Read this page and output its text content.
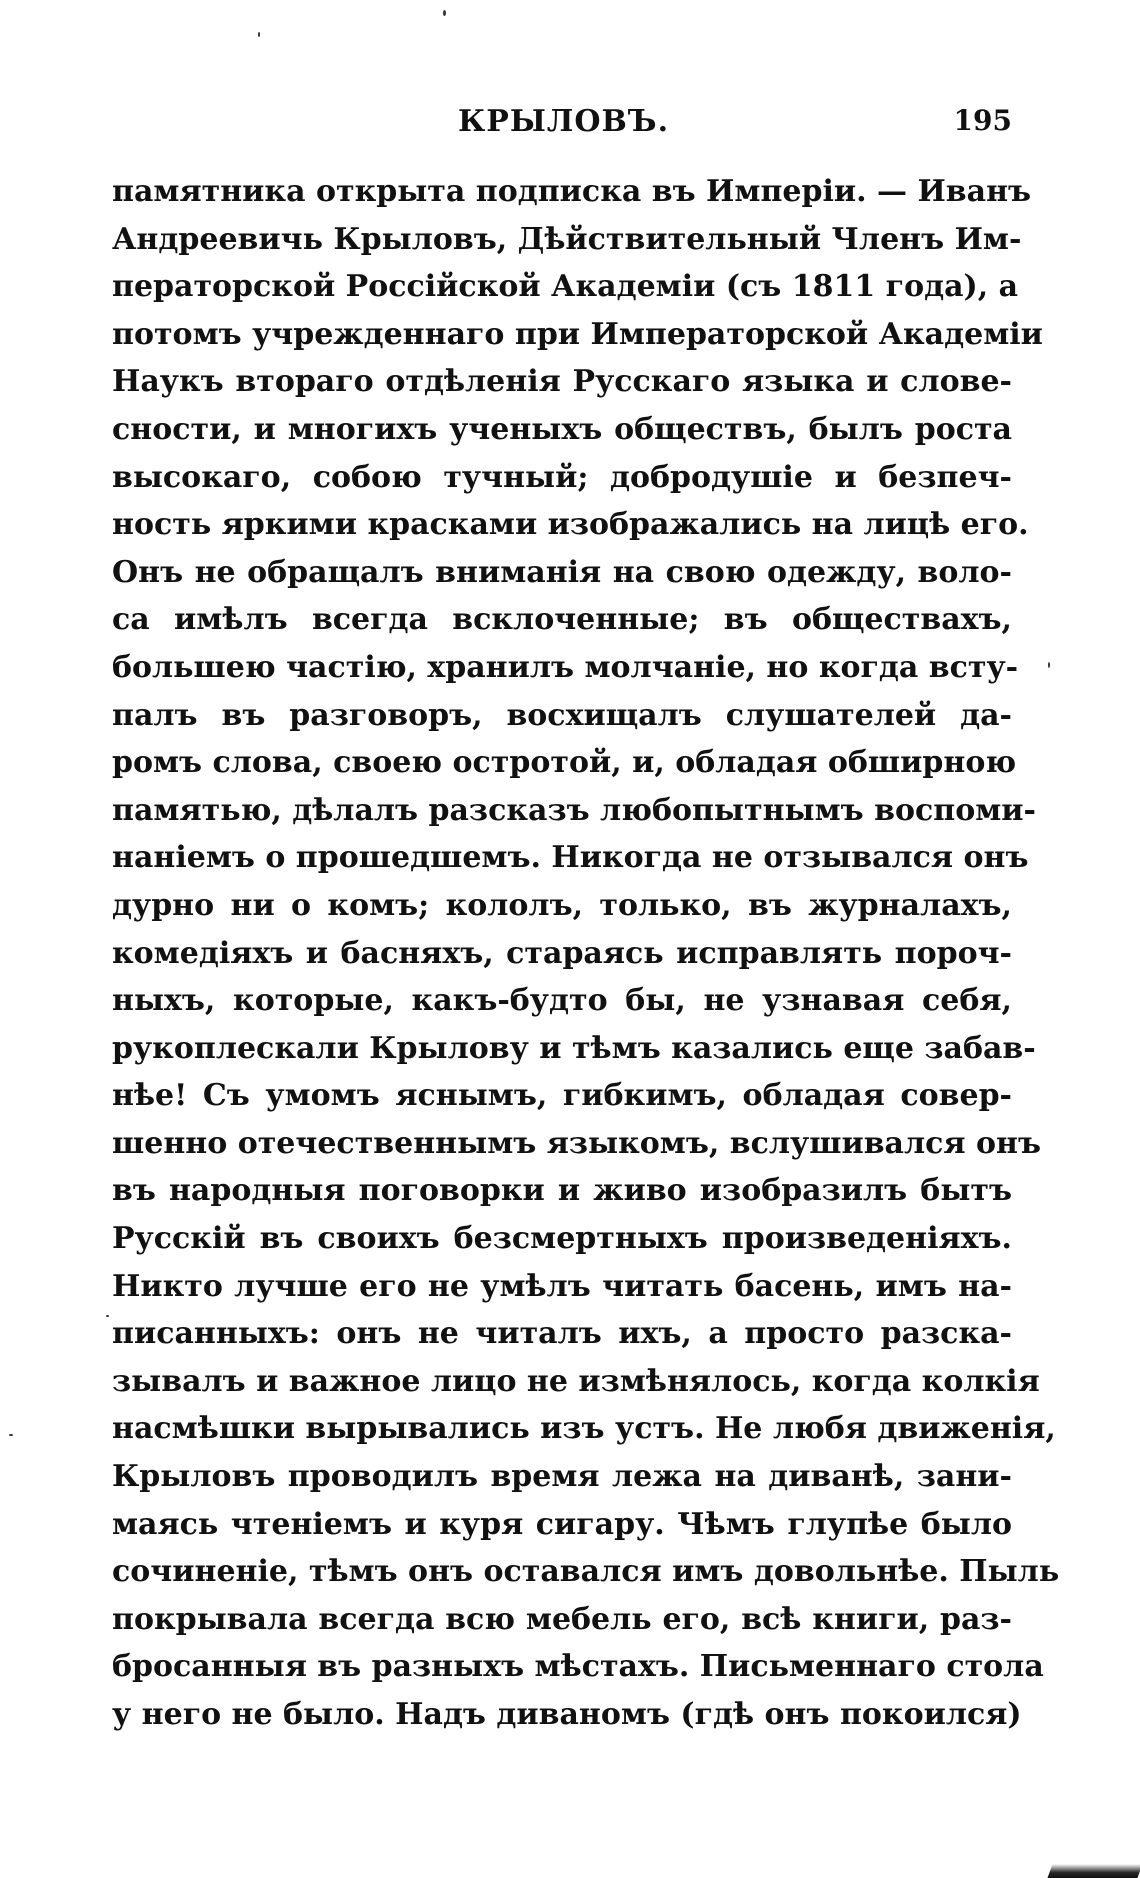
КРЫЛОВЪ.	195
памятника открыта подписка въ Имперіи. — Иванъ
Андреевичь Крыловъ, Дѣйствительный Членъ Им-
ператорской Россійской Академіи (съ 1811 года), а
потомъ учрежденнаго при Императорской Академіи
Наукъ втораго отдѣленія Русскаго языка и слове-
сности, и многихъ ученыхъ обществъ, былъ роста
высокаго, собою тучный; добродушіе и безпеч-
ность яркими красками изображались на лицѣ его.
Онъ не обращалъ вниманія на свою одежду, воло-
са имѣлъ всегда всклоченные; въ обществахъ,
большею частію, хранилъ молчаніе, но когда всту-
палъ въ разговоръ, восхищалъ слушателей да-
ромъ слова, своею остротой, и, обладая обширною
памятью, дѣлалъ разсказъ любопытнымъ воспоми-
наніемъ о прошедшемъ. Никогда не отзывался онъ
дурно ни о комъ; кололъ, только, въ журналахъ,
комедіяхъ и басняхъ, стараясь исправлять пороч-
ныхъ, которые, какъ-будто бы, не узнавая себя,
рукоплескали Крылову и тѣмъ казались еще забав-
нѣе! Съ умомъ яснымъ, гибкимъ, обладая совер-
шенно отечественнымъ языкомъ, вслушивался онъ
въ народныя поговорки и живо изобразилъ бытъ
Русскій въ своихъ безсмертныхъ произведеніяхъ.
Никто лучше его не умѣлъ читать басень, имъ на-
писанныхъ: онъ не читалъ ихъ, а просто разска-
зывалъ и важное лицо не измѣнялось, когда колкія
насмѣшки вырывались изъ устъ. Не любя движенія,
Крыловъ проводилъ время лежа на диванѣ, зани-
маясь чтеніемъ и куря сигару. Чѣмъ глупѣе было
сочиненіе, тѣмъ онъ оставался имъ довольнѣе. Пыль
покрывала всегда всю мебель его, всѣ книги, раз-
бросанныя въ разныхъ мѣстахъ. Письменнаго стола
у него не было. Надъ диваномъ (гдѣ онъ покоился)
